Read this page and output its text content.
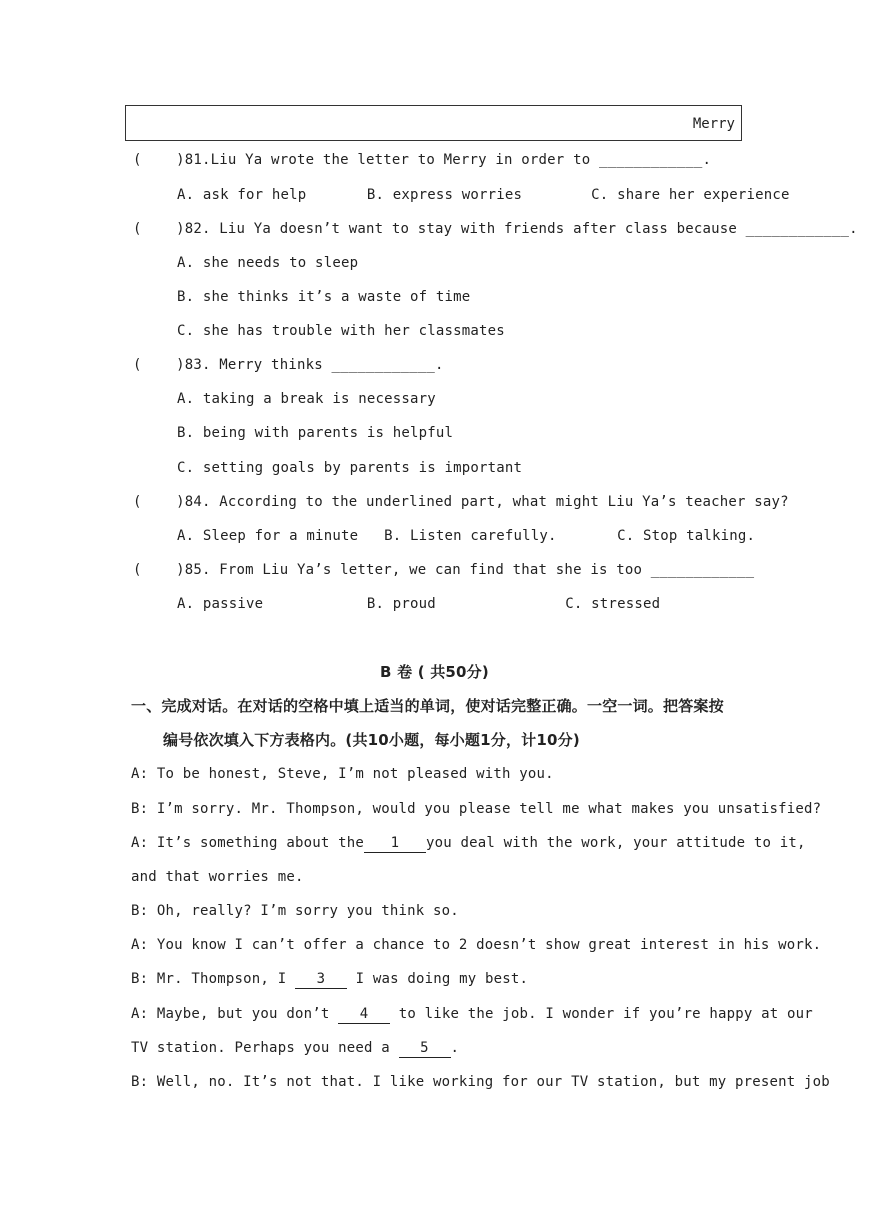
Merry
(    )81.Liu Ya wrote the letter to Merry in order to ____________.
A. ask for help       B. express worries        C. share her experience
(    )82. Liu Ya doesn’t want to stay with friends after class because ____________.
A. she needs to sleep
B. she thinks it’s a waste of time
C. she has trouble with her classmates
(    )83. Merry thinks ____________.
A. taking a break is necessary
B. being with parents is helpful
C. setting goals by parents is important
(    )84. According to the underlined part, what might Liu Ya’s teacher say?
A. Sleep for a minute   B. Listen carefully.       C. Stop talking.
(    )85. From Liu Ya’s letter, we can find that she is too ____________
A. passive            B. proud               C. stressed
B 卷 ( 共50分)
一、完成对话。在对话的空格中填上适当的单词，使对话完整正确。一空一词。把答案按
编号依次填入下方表格内。(共10小题，每小题1分，计10分)
A: To be honest, Steve, I’m not pleased with you.
B: I’m sorry. Mr. Thompson, would you please tell me what makes you unsatisfied?
A: It’s something about the 1 you deal with the work, your attitude to it,
and that worries me.
B: Oh, really? I’m sorry you think so.
A: You know I can’t offer a chance to 2 doesn’t show great interest in his work.
B: Mr. Thompson, I 3 I was doing my best.
A: Maybe, but you don’t 4 to like the job. I wonder if you’re happy at our
TV station. Perhaps you need a 5 .
B: Well, no. It’s not that. I like working for our TV station, but my present job
